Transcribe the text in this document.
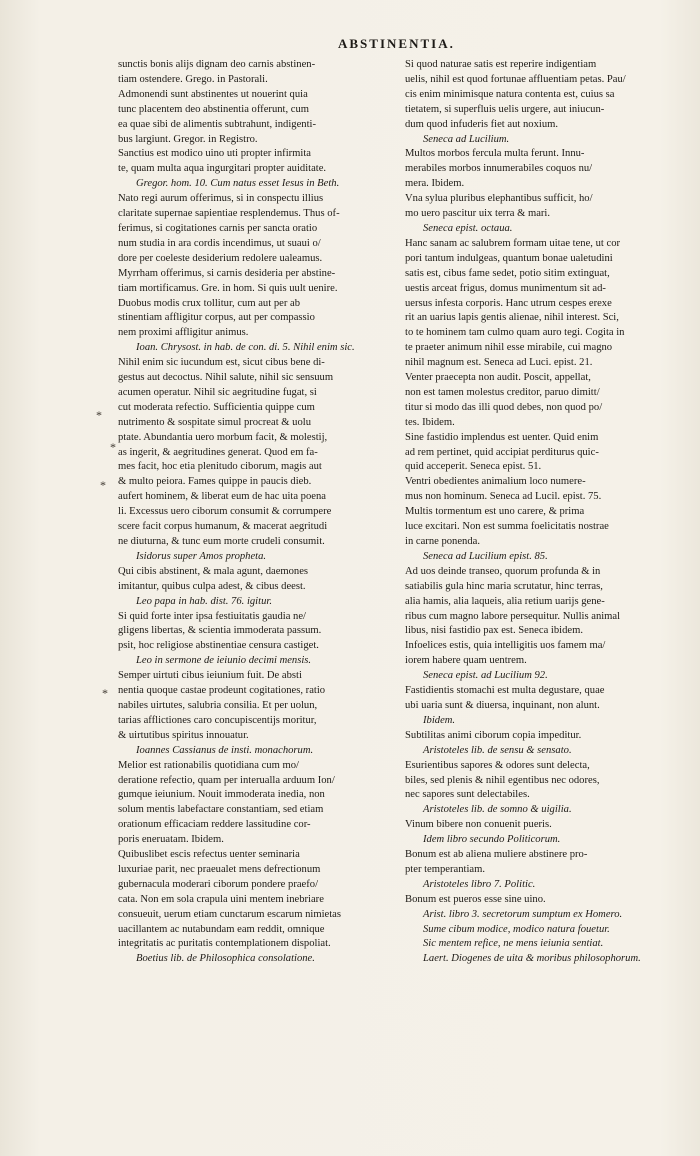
ABSTINENTIA.
*
*
*
*
sunctis bonis alijs dignam deo carnis abstinen-
tiam ostendere. Grego. in Pastorali.
Admonendi sunt abstinentes ut nouerint quia
tunc placentem deo abstinentia offerunt, cum
ea quae sibi de alimentis subtrahunt, indigenti-
bus largiunt. Gregor. in Registro.
Sanctius est modico uino uti propter infirmita
te, quam multa aqua ingurgitari propter auiditate.
Gregor. hom. 10. Cum natus esset Iesus in Beth.
Nato regi aurum offerimus, si in conspectu illius
claritate supernae sapientiae resplendemus. Thus of-
ferimus, si cogitationes carnis per sancta oratio
num studia in ara cordis incendimus, ut suaui o/
dore per coeleste desiderium redolere ualeamus.
Myrrham offerimus, si carnis desideria per abstine-
tiam mortificamus. Gre. in hom. Si quis uult uenire.
Duobus modis crux tollitur, cum aut per ab
stinentiam affligitur corpus, aut per compassio
nem proximi affligitur animus.
Ioan. Chrysost. in hab. de con. di. 5. Nihil enim sic.
Nihil enim sic iucundum est, sicut cibus bene di-
gestus aut decoctus. Nihil salute, nihil sic sensuum
acumen operatur. Nihil sic aegritudine fugat, si
cut moderata refectio. Sufficientia quippe cum
nutrimento & sospitate simul procreat & uolu
ptate. Abundantia uero morbum facit, & molestij,
as ingerit, & aegritudines generat. Quod em fa-
mes facit, hoc etia plenitudo ciborum, magis aut
& multo peiora. Fames quippe in paucis dieb.
aufert hominem, & liberat eum de hac uita poena
li. Excessus uero ciborum consumit & corrumpere
scere facit corpus humanum, & macerat aegritudi
ne diuturna, & tunc eum morte crudeli consumit.
Isidorus super Amos propheta.
Qui cibis abstinent, & mala agunt, daemones
imitantur, quibus culpa adest, & cibus deest.
Leo papa in hab. dist. 76. igitur.
Si quid forte inter ipsa festiuitatis gaudia ne/
gligens libertas, & scientia immoderata passum.
psit, hoc religiose abstinentiae censura castiget.
Leo in sermone de ieiunio decimi mensis.
Semper uirtuti cibus ieiunium fuit. De absti
nentia quoque castae prodeunt cogitationes, ratio
nabiles uirtutes, salubria consilia. Et per uolun,
tarias afflictiones caro concupiscentijs moritur,
& uirtutibus spiritus innouatur.
Ioannes Cassianus de insti. monachorum.
Melior est rationabilis quotidiana cum mo/
deratione refectio, quam per interualla arduum Ion/
gumque ieiunium. Nouit immoderata inedia, non
solum mentis labefactare constantiam, sed etiam
orationum efficaciam reddere lassitudine cor-
poris eneruatam. Ibidem.
Quibuslibet escis refectus uenter seminaria
luxuriae parit, nec praeualet mens defrectionum
gubernacula moderari ciborum pondere praefo/
cata. Non em sola crapula uini mentem inebriare
consueuit, uerum etiam cunctarum escarum nimietas
uacillantem ac nutabundam eam reddit, omnique
integritatis ac puritatis contemplationem dispoliat.
Boetius lib. de Philosophica consolatione.
Si quod naturae satis est reperire indigentiam
uelis, nihil est quod fortunae affluentiam petas. Pau/
cis enim minimisque natura contenta est, cuius sa
tietatem, si superfluis uelis urgere, aut iniucun-
dum quod infuderis fiet aut noxium.
Seneca ad Lucilium.
Multos morbos fercula multa ferunt. Innu-
merabiles morbos innumerabiles coquos nu/
mera. Ibidem.
Vna sylua pluribus elephantibus sufficit, ho/
mo uero pascitur uix terra & mari.
Seneca epist. octaua.
Hanc sanam ac salubrem formam uitae tene, ut cor
pori tantum indulgeas, quantum bonae ualetudini
satis est, cibus fame sedet, potio sitim extinguat,
uestis arceat frigus, domus munimentum sit ad-
uersus infesta corporis. Hanc utrum cespes erexe
rit an uarius lapis gentis alienae, nihil interest. Sci,
to te hominem tam culmo quam auro tegi. Cogita in
te praeter animum nihil esse mirabile, cui magno
nihil magnum est. Seneca ad Luci. epist. 21.
Venter praecepta non audit. Poscit, appellat,
non est tamen molestus creditor, paruo dimitt/
titur si modo das illi quod debes, non quod po/
tes. Ibidem.
Sine fastidio implendus est uenter. Quid enim
ad rem pertinet, quid accipiat perditurus quic-
quid acceperit. Seneca epist. 51.
Ventri obedientes animalium loco numere-
mus non hominum. Seneca ad Lucil. epist. 75.
Multis tormentum est uno carere, & prima
luce excitari. Non est summa foelicitatis nostrae
in carne ponenda.
Seneca ad Lucilium epist. 85.
Ad uos deinde transeo, quorum profunda & in
satiabilis gula hinc maria scrutatur, hinc terras,
alia hamis, alia laqueis, alia retium uarijs gene-
ribus cum magno labore persequitur. Nullis animal
libus, nisi fastidio pax est. Seneca ibidem.
Infoelices estis, quia intelligitis uos famem ma/
iorem habere quam uentrem.
Seneca epist. ad Lucilium 92.
Fastidientis stomachi est multa degustare, quae
ubi uaria sunt & diuersa, inquinant, non alunt.
Ibidem.
Subtilitas animi ciborum copia impeditur.
Aristoteles lib. de sensu & sensato.
Esurientibus sapores & odores sunt delecta,
biles, sed plenis & nihil egentibus nec odores,
nec sapores sunt delectabiles.
Aristoteles lib. de somno & uigilia.
Vinum bibere non conuenit pueris.
Idem libro secundo Politicorum.
Bonum est ab aliena muliere abstinere pro-
pter temperantiam.
Aristoteles libro 7. Politic.
Bonum est pueros esse sine uino.
Arist. libro 3. secretorum sumptum ex Homero.
Sume cibum modice, modico natura fouetur.
Sic mentem refice, ne mens ieiunia sentiat.
Laert. Diogenes de uita & moribus philosophorum.
